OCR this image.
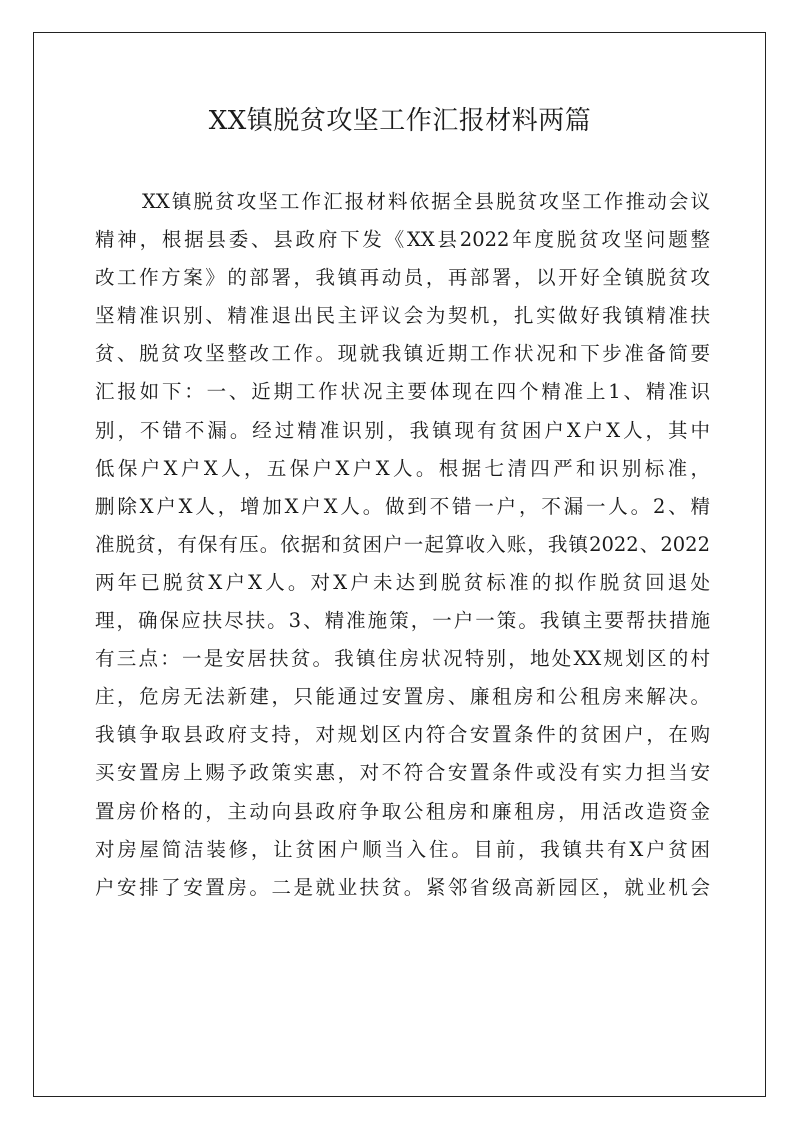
XX镇脱贫攻坚工作汇报材料两篇
XX镇脱贫攻坚工作汇报材料依据全县脱贫攻坚工作推动会议
精神，根据县委、县政府下发《XX县2022年度脱贫攻坚问题整
改工作方案》的部署，我镇再动员，再部署，以开好全镇脱贫攻
坚精准识别、精准退出民主评议会为契机，扎实做好我镇精准扶
贫、脱贫攻坚整改工作。现就我镇近期工作状况和下步准备简要
汇报如下：一、近期工作状况主要体现在四个精准上1、精准识
别，不错不漏。经过精准识别，我镇现有贫困户X户X人，其中
低保户X户X人，五保户X户X人。根据七清四严和识别标准，
删除X户X人，增加X户X人。做到不错一户，不漏一人。2、精
准脱贫，有保有压。依据和贫困户一起算收入账，我镇2022、2022
两年已脱贫X户X人。对X户未达到脱贫标准的拟作脱贫回退处
理，确保应扶尽扶。3、精准施策，一户一策。我镇主要帮扶措施
有三点：一是安居扶贫。我镇住房状况特别，地处XX规划区的村
庄，危房无法新建，只能通过安置房、廉租房和公租房来解决。
我镇争取县政府支持，对规划区内符合安置条件的贫困户，在购
买安置房上赐予政策实惠，对不符合安置条件或没有实力担当安
置房价格的，主动向县政府争取公租房和廉租房，用活改造资金
对房屋简洁装修，让贫困户顺当入住。目前，我镇共有X户贫困
户安排了安置房。二是就业扶贫。紧邻省级高新园区，就业机会
